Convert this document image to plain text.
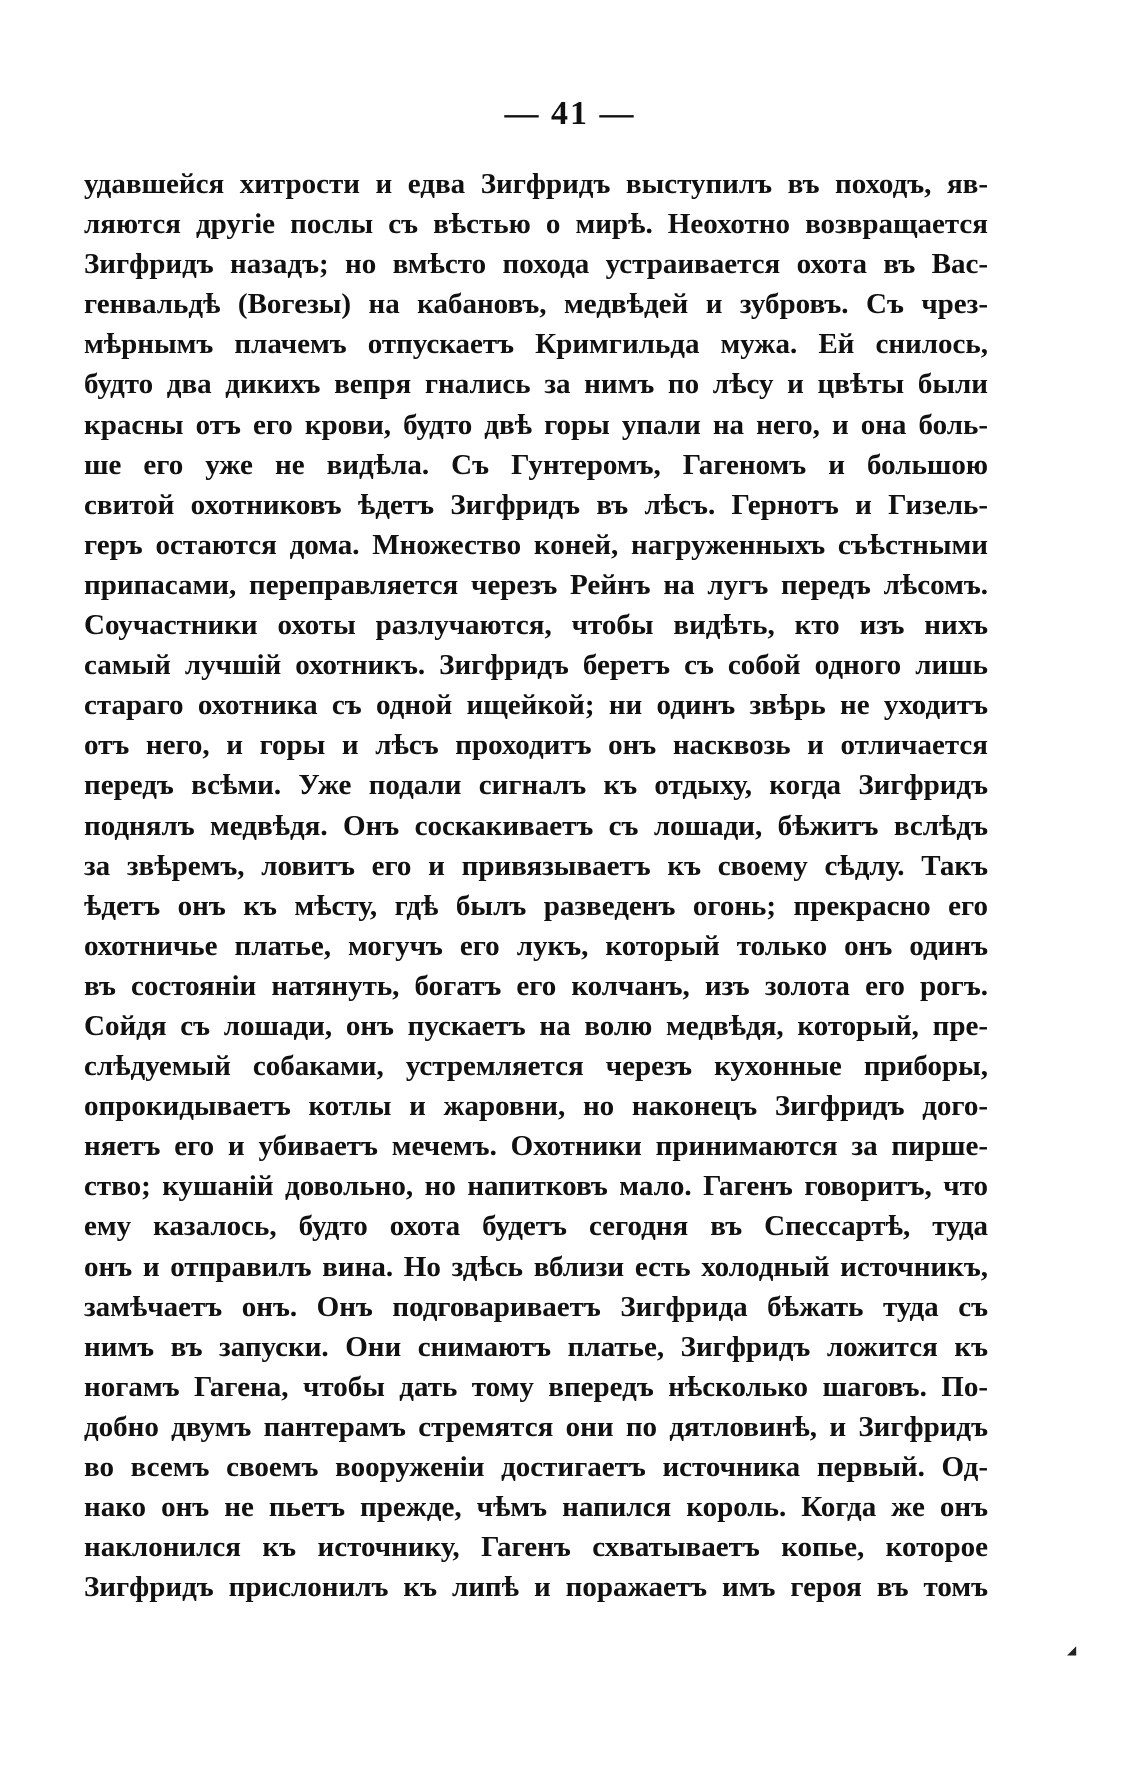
— 41 —
удавшейся хитрости и едва Зигфридъ выступилъ въ походъ, яв-
ляются другіе послы съ вѣстью о мирѣ. Неохотно возвращается
Зигфридъ назадъ; но вмѣсто похода устраивается охота въ Вас-
генвальдѣ (Вогезы) на кабановъ, медвѣдей и зубровъ. Съ чрез-
мѣрнымъ плачемъ отпускаетъ Кримгильда мужа. Ей снилось,
будто два дикихъ вепря гнались за нимъ по лѣсу и цвѣты были
красны отъ его крови, будто двѣ горы упали на него, и она боль-
ше его уже не видѣла. Съ Гунтеромъ, Гагеномъ и большою
свитой охотниковъ ѣдетъ Зигфридъ въ лѣсъ. Гернотъ и Гизель-
геръ остаются дома. Множество коней, нагруженныхъ съѣстными
припасами, переправляется черезъ Рейнъ на лугъ передъ лѣсомъ.
Соучастники охоты разлучаются, чтобы видѣть, кто изъ нихъ
самый лучшій охотникъ. Зигфридъ беретъ съ собой одного лишь
стараго охотника съ одной ищейкой; ни одинъ звѣрь не уходитъ
отъ него, и горы и лѣсъ проходитъ онъ насквозь и отличается
передъ всѣми. Уже подали сигналъ къ отдыху, когда Зигфридъ
поднялъ медвѣдя. Онъ соскакиваетъ съ лошади, бѣжитъ вслѣдъ
за звѣремъ, ловитъ его и привязываетъ къ своему сѣдлу. Такъ
ѣдетъ онъ къ мѣсту, гдѣ былъ разведенъ огонь; прекрасно его
охотничье платье, могучъ его лукъ, который только онъ одинъ
въ состояніи натянуть, богатъ его колчанъ, изъ золота его рогъ.
Сойдя съ лошади, онъ пускаетъ на волю медвѣдя, который, пре-
слѣдуемый собаками, устремляется черезъ кухонные приборы,
опрокидываетъ котлы и жаровни, но наконецъ Зигфридъ дого-
няетъ его и убиваетъ мечемъ. Охотники принимаются за пирше-
ство; кушаній довольно, но напитковъ мало. Гагенъ говоритъ, что
ему казалось, будто охота будетъ сегодня въ Спессартѣ, туда
онъ и отправилъ вина. Но здѣсь вблизи есть холодный источникъ,
замѣчаетъ онъ. Онъ подговариваетъ Зигфрида бѣжать туда съ
нимъ въ запуски. Они снимаютъ платье, Зигфридъ ложится къ
ногамъ Гагена, чтобы дать тому впередъ нѣсколько шаговъ. По-
добно двумъ пантерамъ стремятся они по дятловинѣ, и Зигфридъ
во всемъ своемъ вооруженіи достигаетъ источника первый. Од-
нако онъ не пьетъ прежде, чѣмъ напился король. Когда же онъ
наклонился къ источнику, Гагенъ схватываетъ копье, которое
Зигфридъ прислонилъ къ липѣ и поражаетъ имъ героя въ томъ
◢
